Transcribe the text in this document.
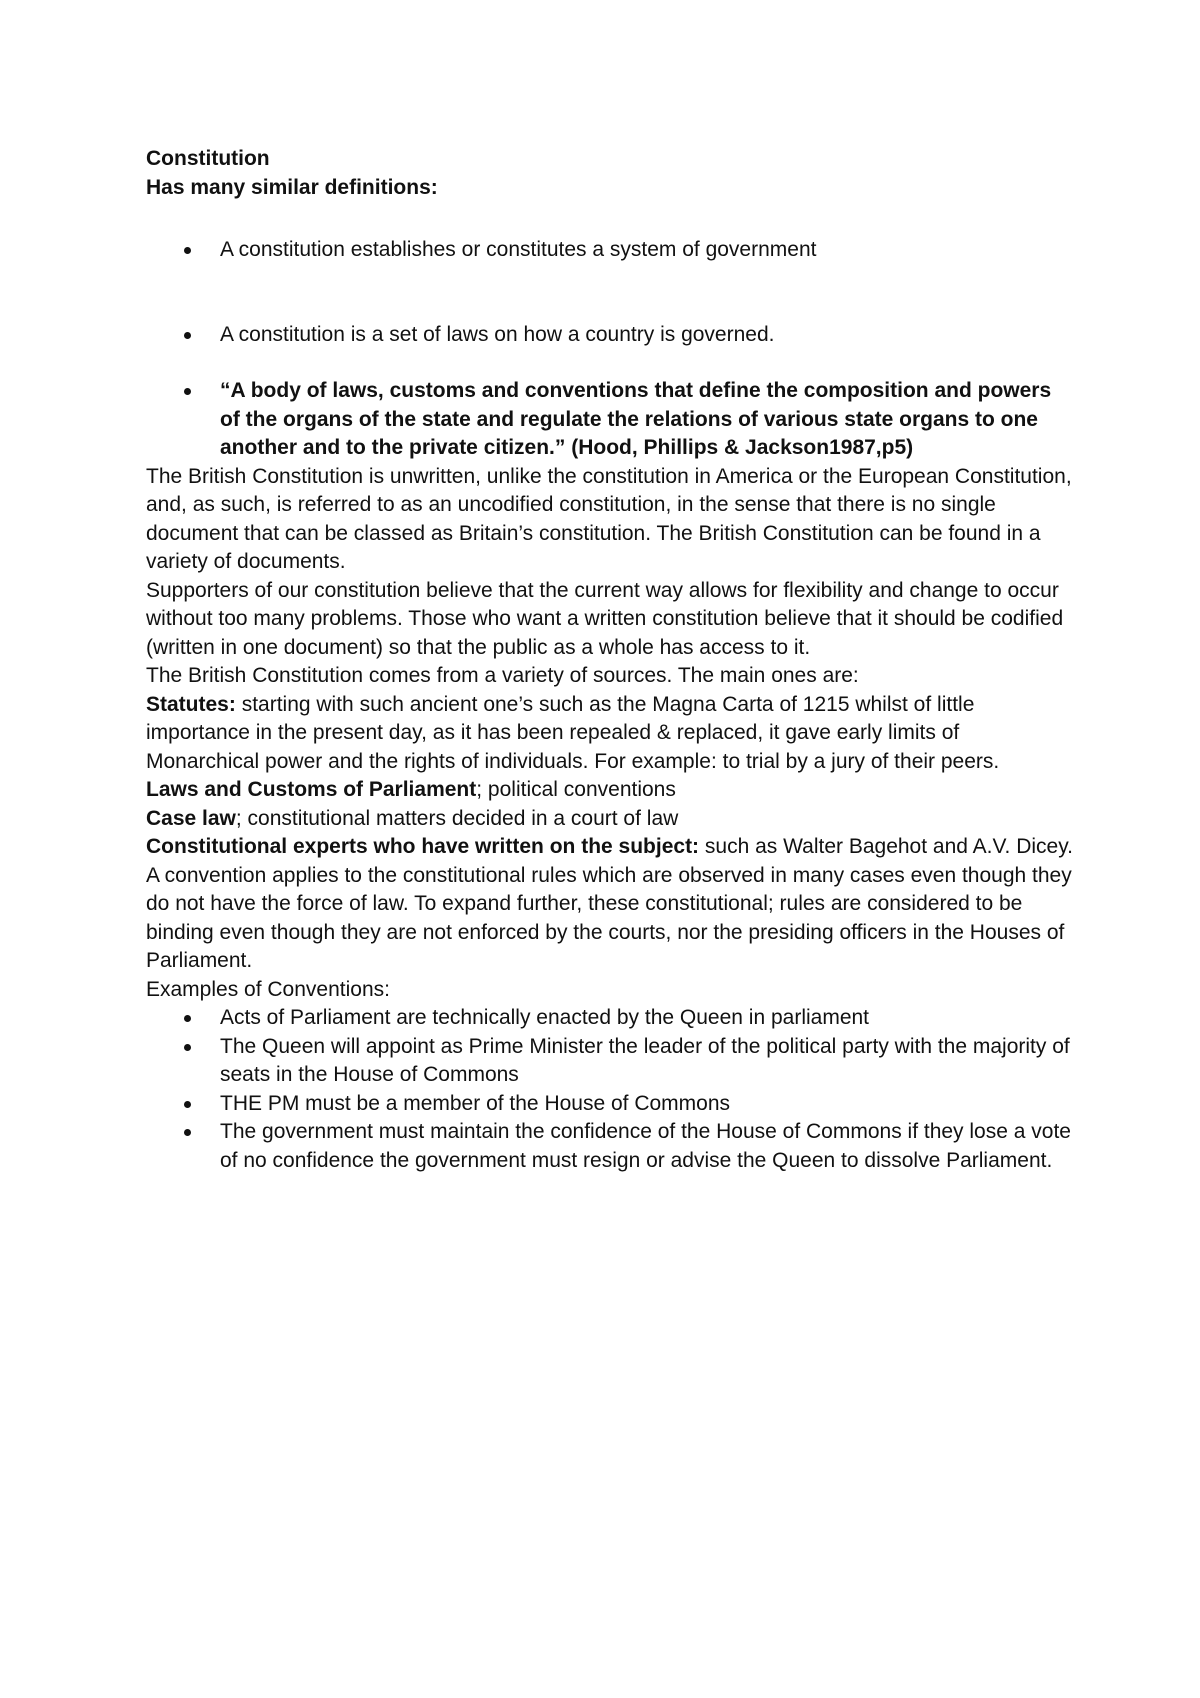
Constitution

Has many similar definitions:

A constitution establishes or constitutes a system of government
A constitution is a set of laws on how a country is governed.
“A body of laws, customs and conventions that define the composition and powers of the organs of the state and regulate the relations of various state organs to one another and to the private citizen.” (Hood, Phillips & Jackson1987,p5)

The British Constitution is unwritten, unlike the constitution in America or the European Constitution, and, as such, is referred to as an uncodified constitution, in the sense that there is no single document that can be classed as Britain’s constitution. The British Constitution can be found in a variety of documents.

Supporters of our constitution believe that the current way allows for flexibility and change to occur without too many problems. Those who want a written constitution believe that it should be codified (written in one document) so that the public as a whole has access to it.

The British Constitution comes from a variety of sources. The main ones are:

Statutes: starting with such ancient one’s such as the Magna Carta of 1215 whilst of little importance in the present day, as it has been repealed & replaced, it gave early limits of Monarchical power and the rights of individuals. For example: to trial by a jury of their peers.

Laws and Customs of Parliament; political conventions

Case law; constitutional matters decided in a court of law

Constitutional experts who have written on the subject: such as Walter Bagehot and A.V. Dicey.

A convention applies to the constitutional rules which are observed in many cases even though they do not have the force of law. To expand further, these constitutional; rules are considered to be binding even though they are not enforced by the courts, nor the presiding officers in the Houses of Parliament.

Examples of Conventions:

Acts of Parliament are technically enacted by the Queen in parliament
The Queen will appoint as Prime Minister the leader of the political party with the majority of seats in the House of Commons
THE PM must be a member of the House of Commons
The government must maintain the confidence of the House of Commons if they lose a vote of no confidence the government must resign or advise the Queen to dissolve Parliament.
